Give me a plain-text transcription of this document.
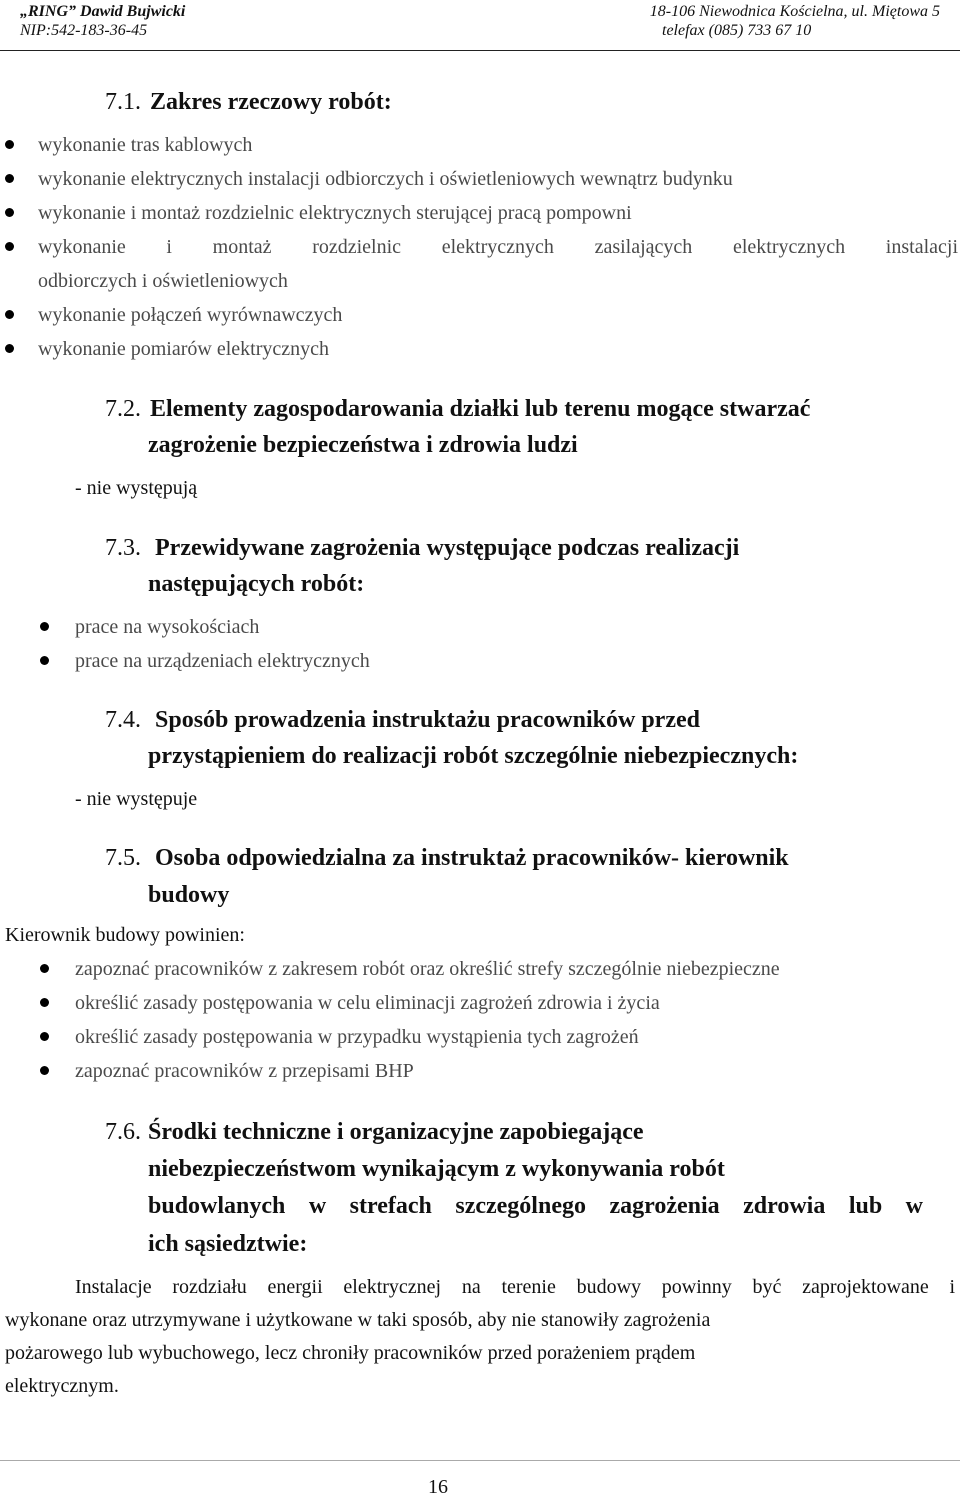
„RING” Dawid Bujwicki
NIP:542-183-36-45
18-106 Niewodnica Kościelna, ul. Miętowa 5
telefax (085) 733 67 10
7.1. Zakres rzeczowy robót:
wykonanie tras kablowych
wykonanie elektrycznych instalacji odbiorczych i oświetleniowych wewnątrz budynku
wykonanie i montaż rozdzielnic elektrycznych sterującej pracą pompowni
wykonanie i montaż rozdzielnic elektrycznych zasilających elektrycznych instalacji
odbiorczych i oświetleniowych
wykonanie połączeń wyrównawczych
wykonanie pomiarów elektrycznych
7.2. Elementy zagospodarowania działki lub terenu mogące stwarzać
zagrożenie bezpieczeństwa i zdrowia ludzi
- nie występują
7.3. Przewidywane zagrożenia występujące podczas realizacji
następujących robót:
prace na wysokościach
prace na urządzeniach elektrycznych
7.4. Sposób prowadzenia instruktażu pracowników przed
przystąpieniem do realizacji robót szczególnie niebezpiecznych:
- nie występuje
7.5. Osoba odpowiedzialna za instruktaż pracowników- kierownik
budowy
Kierownik budowy powinien:
zapoznać pracowników z zakresem robót oraz określić strefy szczególnie niebezpieczne
określić zasady postępowania w celu eliminacji zagrożeń zdrowia i życia
określić zasady postępowania w przypadku wystąpienia tych zagrożeń
zapoznać pracowników z przepisami BHP
7.6. Środki techniczne i organizacyjne zapobiegające
niebezpieczeństwom wynikającym z wykonywania robót
budowlanych w strefach szczególnego zagrożenia zdrowia lub w
ich sąsiedztwie:
Instalacje rozdziału energii elektrycznej na terenie budowy powinny być zaprojektowane i
wykonane oraz utrzymywane i użytkowane w taki sposób, aby nie stanowiły zagrożenia
pożarowego lub wybuchowego, lecz chroniły pracowników przed porażeniem prądem
elektrycznym.
16
